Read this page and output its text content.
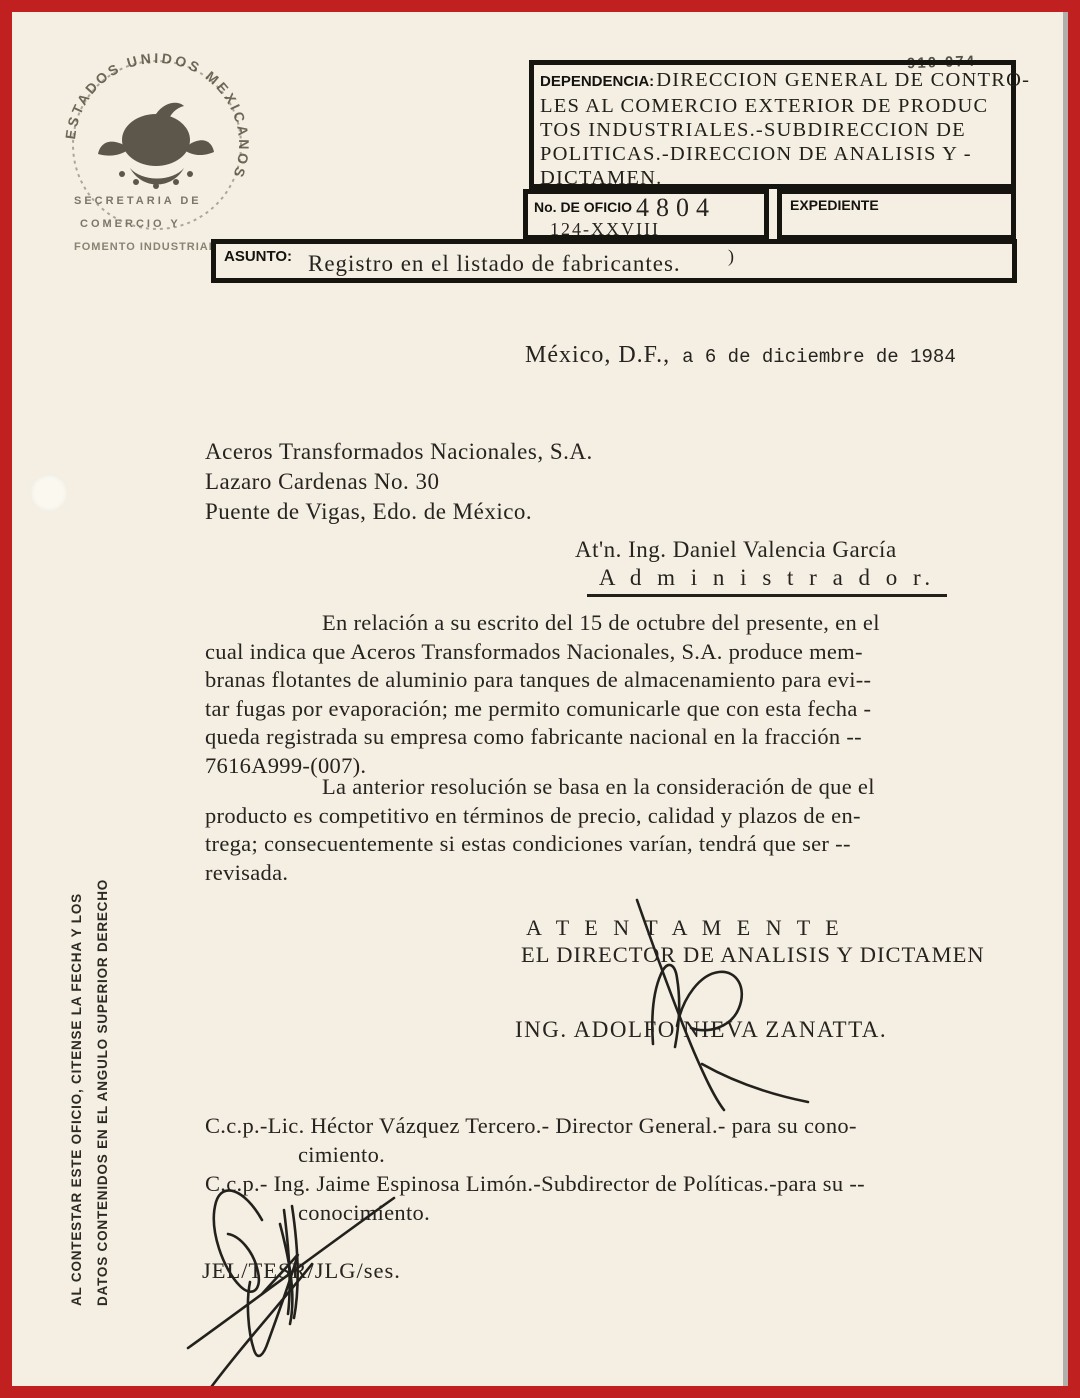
ESTADOS UNIDOS MEXICANOS
SECRETARIA DE
COMERCIO Y
FOMENTO INDUSTRIAL
910-074
DEPENDENCIA:DIRECCION GENERAL DE CONTRO-
LES AL COMERCIO EXTERIOR DE PRODUC
TOS INDUSTRIALES.-SUBDIRECCION DE
POLITICAS.-DIRECCION DE ANALISIS Y -
DICTAMEN.
No. DE OFICIO 4804
124-XXVIII
EXPEDIENTE
ASUNTO: Registro en el listado de fabricantes.	)
México, D.F., a 6 de diciembre de 1984
Aceros Transformados Nacionales, S.A.
Lazaro Cardenas No. 30
Puente de Vigas, Edo. de México.
At'n. Ing. Daniel Valencia García
A d m i n i s t r a d o r.
En relación a su escrito del 15 de octubre del presente, en el
cual indica que Aceros Transformados Nacionales, S.A. produce mem-
branas flotantes de aluminio para tanques de almacenamiento para evi--
tar fugas por evaporación; me permito comunicarle que con esta fecha -
queda registrada su empresa como fabricante nacional en la fracción --
7616A999-(007).
La anterior resolución se basa en la consideración de que el
producto es competitivo en términos de precio, calidad y plazos de en-
trega; consecuentemente si estas condiciones varían, tendrá que ser --
revisada.
A T E N T A M E N T E
EL DIRECTOR DE ANALISIS Y DICTAMEN
ING. ADOLFO NIEVA ZANATTA.
C.c.p.-Lic. Héctor Vázquez Tercero.- Director General.- para su cono-
cimiento.
C.c.p.- Ing. Jaime Espinosa Limón.-Subdirector de Políticas.-para su --
conocimiento.
JEL/TESR/JLG/ses.
AL CONTESTAR ESTE OFICIO, CITENSE LA FECHA Y LOS DATOS CONTENIDOS EN EL ANGULO SUPERIOR DERECHO
